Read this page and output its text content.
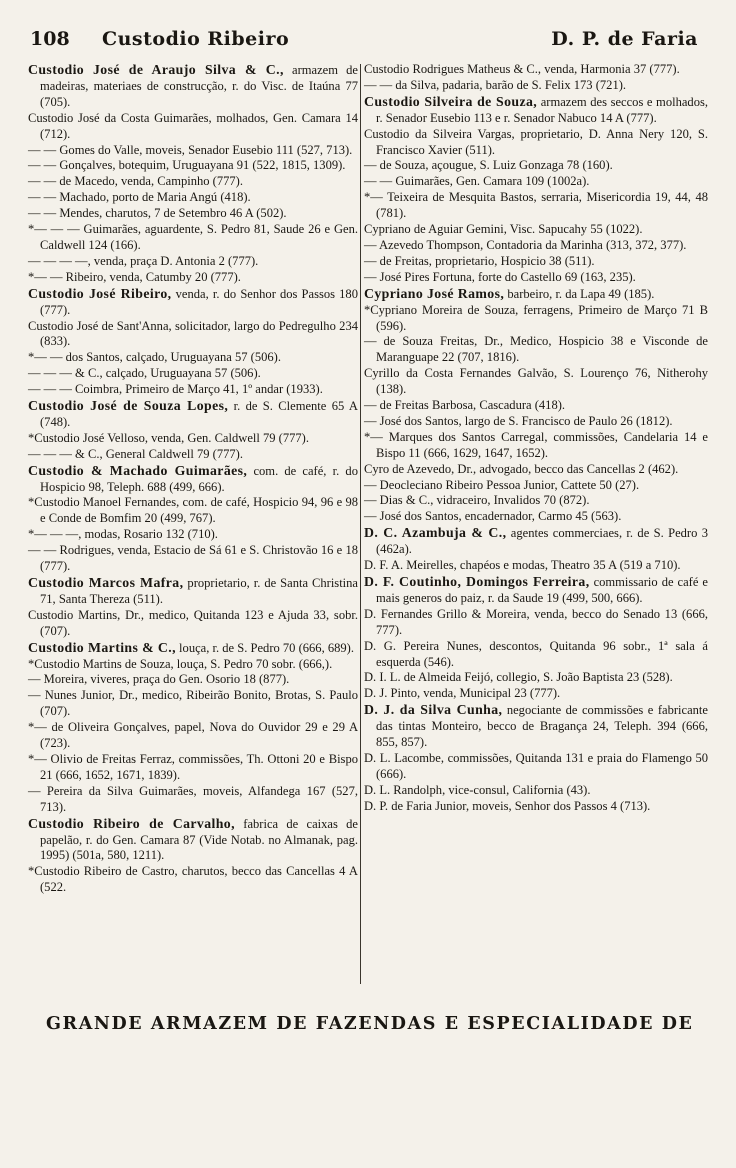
108 Custodio Ribeiro	D. P. de Faria

Custodio José de Araujo Silva & C., armazem de madeiras, materiaes de construcção, r. do Visc. de Itaúna 77 (705).

Custodio José da Costa Guimarães, molhados, Gen. Camara 14 (712).

— — Gomes do Valle, moveis, Senador Eusebio 111 (527, 713).

— — Gonçalves, botequim, Uruguayana 91 (522, 1815, 1309).

— — de Macedo, venda, Campinho (777).

— — Machado, porto de Maria Angú (418).

— — Mendes, charutos, 7 de Setembro 46 A (502).

*— — — Guimarães, aguardente, S. Pedro 81, Saude 26 e Gen. Caldwell 124 (166).

— — — —, venda, praça D. Antonia 2 (777).

*— — Ribeiro, venda, Catumby 20 (777).

Custodio José Ribeiro, venda, r. do Senhor dos Passos 180 (777).

Custodio José de Sant'Anna, solicitador, largo do Pedregulho 234 (833).

*— — dos Santos, calçado, Uruguayana 57 (506).

— — — & C., calçado, Uruguayana 57 (506).

— — — Coimbra, Primeiro de Março 41, 1º andar (1933).

Custodio José de Souza Lopes, r. de S. Clemente 65 A (748).

*Custodio José Velloso, venda, Gen. Caldwell 79 (777).

— — — & C., General Caldwell 79 (777).

Custodio & Machado Guimarães, com. de café, r. do Hospicio 98, Teleph. 688 (499, 666).

*Custodio Manoel Fernandes, com. de café, Hospicio 94, 96 e 98 e Conde de Bomfim 20 (499, 767).

*— — —, modas, Rosario 132 (710).

— — Rodrigues, venda, Estacio de Sá 61 e S. Christovão 16 e 18 (777).

Custodio Marcos Mafra, proprietario, r. de Santa Christina 71, Santa Thereza (511).

Custodio Martins, Dr., medico, Quitanda 123 e Ajuda 33, sobr. (707).

Custodio Martins & C., louça, r. de S. Pedro 70 (666, 689).

*Custodio Martins de Souza, louça, S. Pedro 70 sobr. (666,).

— Moreira, viveres, praça do Gen. Osorio 18 (877).

— Nunes Junior, Dr., medico, Ribeirão Bonito, Brotas, S. Paulo (707).

*— de Oliveira Gonçalves, papel, Nova do Ouvidor 29 e 29 A (723).

*— Olivio de Freitas Ferraz, commissões, Th. Ottoni 20 e Bispo 21 (666, 1652, 1671, 1839).

— Pereira da Silva Guimarães, moveis, Alfandega 167 (527, 713).

Custodio Ribeiro de Carvalho, fabrica de caixas de papelão, r. do Gen. Camara 87 (Vide Notab. no Almanak, pag. 1995) (501a, 580, 1211).

*Custodio Ribeiro de Castro, charutos, becco das Cancellas 4 A (522.

Custodio Rodrigues Matheus & C., venda, Harmonia 37 (777).

— — da Silva, padaria, barão de S. Felix 173 (721).

Custodio Silveira de Souza, armazem des seccos e molhados, r. Senador Eusebio 113 e r. Senador Nabuco 14 A (777).

Custodio da Silveira Vargas, proprietario, D. Anna Nery 120, S. Francisco Xavier (511).

— de Souza, açougue, S. Luiz Gonzaga 78 (160).

— — Guimarães, Gen. Camara 109 (1002a).

*— Teixeira de Mesquita Bastos, serraria, Misericordia 19, 44, 48 (781).

Cypriano de Aguiar Gemini, Visc. Sapucahy 55 (1022).

— Azevedo Thompson, Contadoria da Marinha (313, 372, 377).

— de Freitas, proprietario, Hospicio 38 (511).

— José Pires Fortuna, forte do Castello 69 (163, 235).

Cypriano José Ramos, barbeiro, r. da Lapa 49 (185).

*Cypriano Moreira de Souza, ferragens, Primeiro de Março 71 B (596).

— de Souza Freitas, Dr., Medico, Hospicio 38 e Visconde de Maranguape 22 (707, 1816).

Cyrillo da Costa Fernandes Galvão, S. Lourenço 76, Nitherohy (138).

— de Freitas Barbosa, Cascadura (418).

— José dos Santos, largo de S. Francisco de Paulo 26 (1812).

*— Marques dos Santos Carregal, commissões, Candelaria 14 e Bispo 11 (666, 1629, 1647, 1652).

Cyro de Azevedo, Dr., advogado, becco das Cancellas 2 (462).

— Deocleciano Ribeiro Pessoa Junior, Cattete 50 (27).

— Dias & C., vidraceiro, Invalidos 70 (872).

— José dos Santos, encadernador, Carmo 45 (563).

D. C. Azambuja & C., agentes commerciaes, r. de S. Pedro 3 (462a).

D. F. A. Meirelles, chapéos e modas, Theatro 35 A (519 a 710).

D. F. Coutinho, Domingos Ferreira, commissario de café e mais generos do paiz, r. da Saude 19 (499, 500, 666).

D. Fernandes Grillo & Moreira, venda, becco do Senado 13 (666, 777).

D. G. Pereira Nunes, descontos, Quitanda 96 sobr., 1ª sala á esquerda (546).

D. I. L. de Almeida Feijó, collegio, S. João Baptista 23 (528).

D. J. Pinto, venda, Municipal 23 (777).

D. J. da Silva Cunha, negociante de commissões e fabricante das tintas Monteiro, becco de Bragança 24, Teleph. 394 (666, 855, 857).

D. L. Lacombe, commissões, Quitanda 131 e praia do Flamengo 50 (666).

D. L. Randolph, vice-consul, California (43).

D. P. de Faria Junior, moveis, Senhor dos Passos 4 (713).

GRANDE ARMAZEM DE FAZENDAS E ESPECIALIDADE DE
